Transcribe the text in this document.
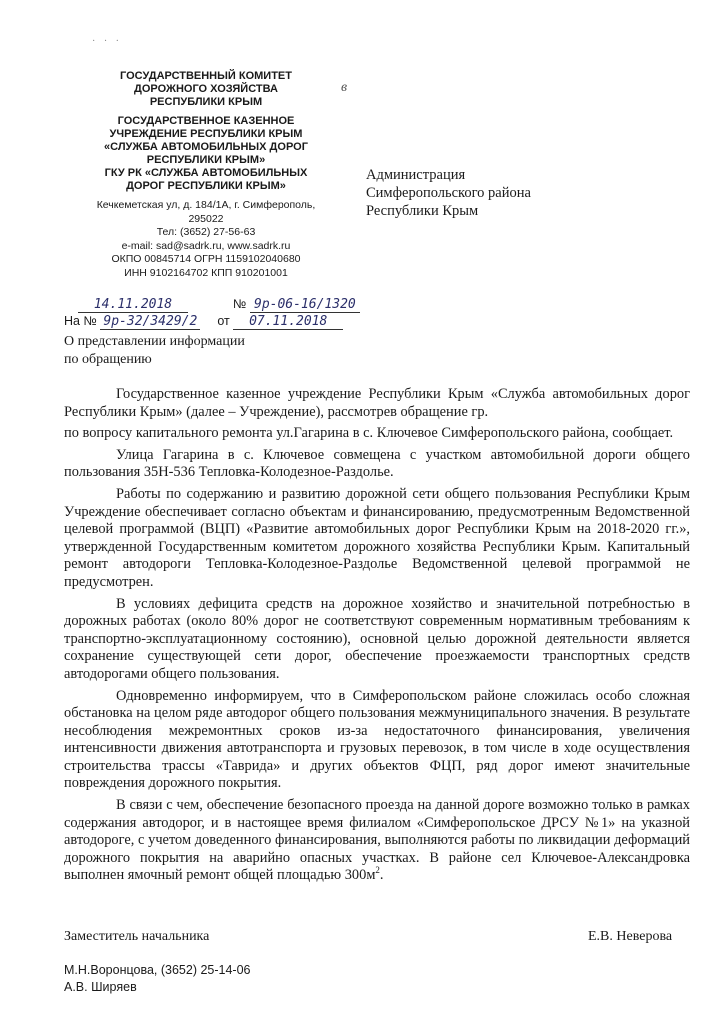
· · ·
в
ГОСУДАРСТВЕННЫЙ КОМИТЕТ
ДОРОЖНОГО ХОЗЯЙСТВА
РЕСПУБЛИКИ КРЫМ
ГОСУДАРСТВЕННОЕ КАЗЕННОЕ
УЧРЕЖДЕНИЕ РЕСПУБЛИКИ КРЫМ
«СЛУЖБА АВТОМОБИЛЬНЫХ ДОРОГ
РЕСПУБЛИКИ КРЫМ»
ГКУ РК «СЛУЖБА АВТОМОБИЛЬНЫХ
ДОРОГ РЕСПУБЛИКИ КРЫМ»
Кечкеметская ул, д. 184/1А, г. Симферополь,
295022
Тел: (3652) 27-56-63
e-mail: sad@sadrk.ru, www.sadrk.ru
ОКПО 00845714 ОГРН 1159102040680
ИНН 9102164702 КПП 910201001
Администрация
Симферопольского района
Республики Крым
14.11.2018	№ 9р-06-16/1320
На № 9р-32/3429/2 от 07.11.2018
О представлении информации
по обращению

Государственное казенное учреждение Республики Крым «Служба автомобильных дорог Республики Крым» (далее – Учреждение), рассмотрев обращение гр.

по вопросу капитального ремонта ул.Гагарина в с. Ключевое Симферопольского района, сообщает.

Улица Гагарина в с. Ключевое совмещена с участком автомобильной дороги общего пользования 35Н-536 Тепловка-Колодезное-Раздолье.

Работы по содержанию и развитию дорожной сети общего пользования Республики Крым Учреждение обеспечивает согласно объектам и финансированию, предусмотренным Ведомственной целевой программой (ВЦП) «Развитие автомобильных дорог Республики Крым на 2018-2020 гг.», утвержденной Государственным комитетом дорожного хозяйства Республики Крым. Капитальный ремонт автодороги Тепловка-Колодезное-Раздолье Ведомственной целевой программой не предусмотрен.

В условиях дефицита средств на дорожное хозяйство и значительной потребностью в дорожных работах (около 80% дорог не соответствуют современным нормативным требованиям к транспортно-эксплуатационному состоянию), основной целью дорожной деятельности является сохранение существующей сети дорог, обеспечение проезжаемости транспортных средств автодорогами общего пользования.

Одновременно информируем, что в Симферопольском районе сложилась особо сложная обстановка на целом ряде автодорог общего пользования межмуниципального значения. В результате несоблюдения межремонтных сроков из-за недостаточного финансирования, увеличения интенсивности движения автотранспорта и грузовых перевозок, в том числе в ходе осуществления строительства трассы «Таврида» и других объектов ФЦП, ряд дорог имеют значительные повреждения дорожного покрытия.

В связи с чем, обеспечение безопасного проезда на данной дороге возможно только в рамках содержания автодорог, и в настоящее время филиалом «Симферопольское ДРСУ №1» на указной автодороге, с учетом доведенного финансирования, выполняются работы по ликвидации деформаций дорожного покрытия на аварийно опасных участках. В районе сел Ключевое-Александровка выполнен ямочный ремонт общей площадью $300м^2$.

Заместитель начальника	Е.В. Неверова
М.Н.Воронцова, (3652) 25-14-06
А.В. Ширяев
